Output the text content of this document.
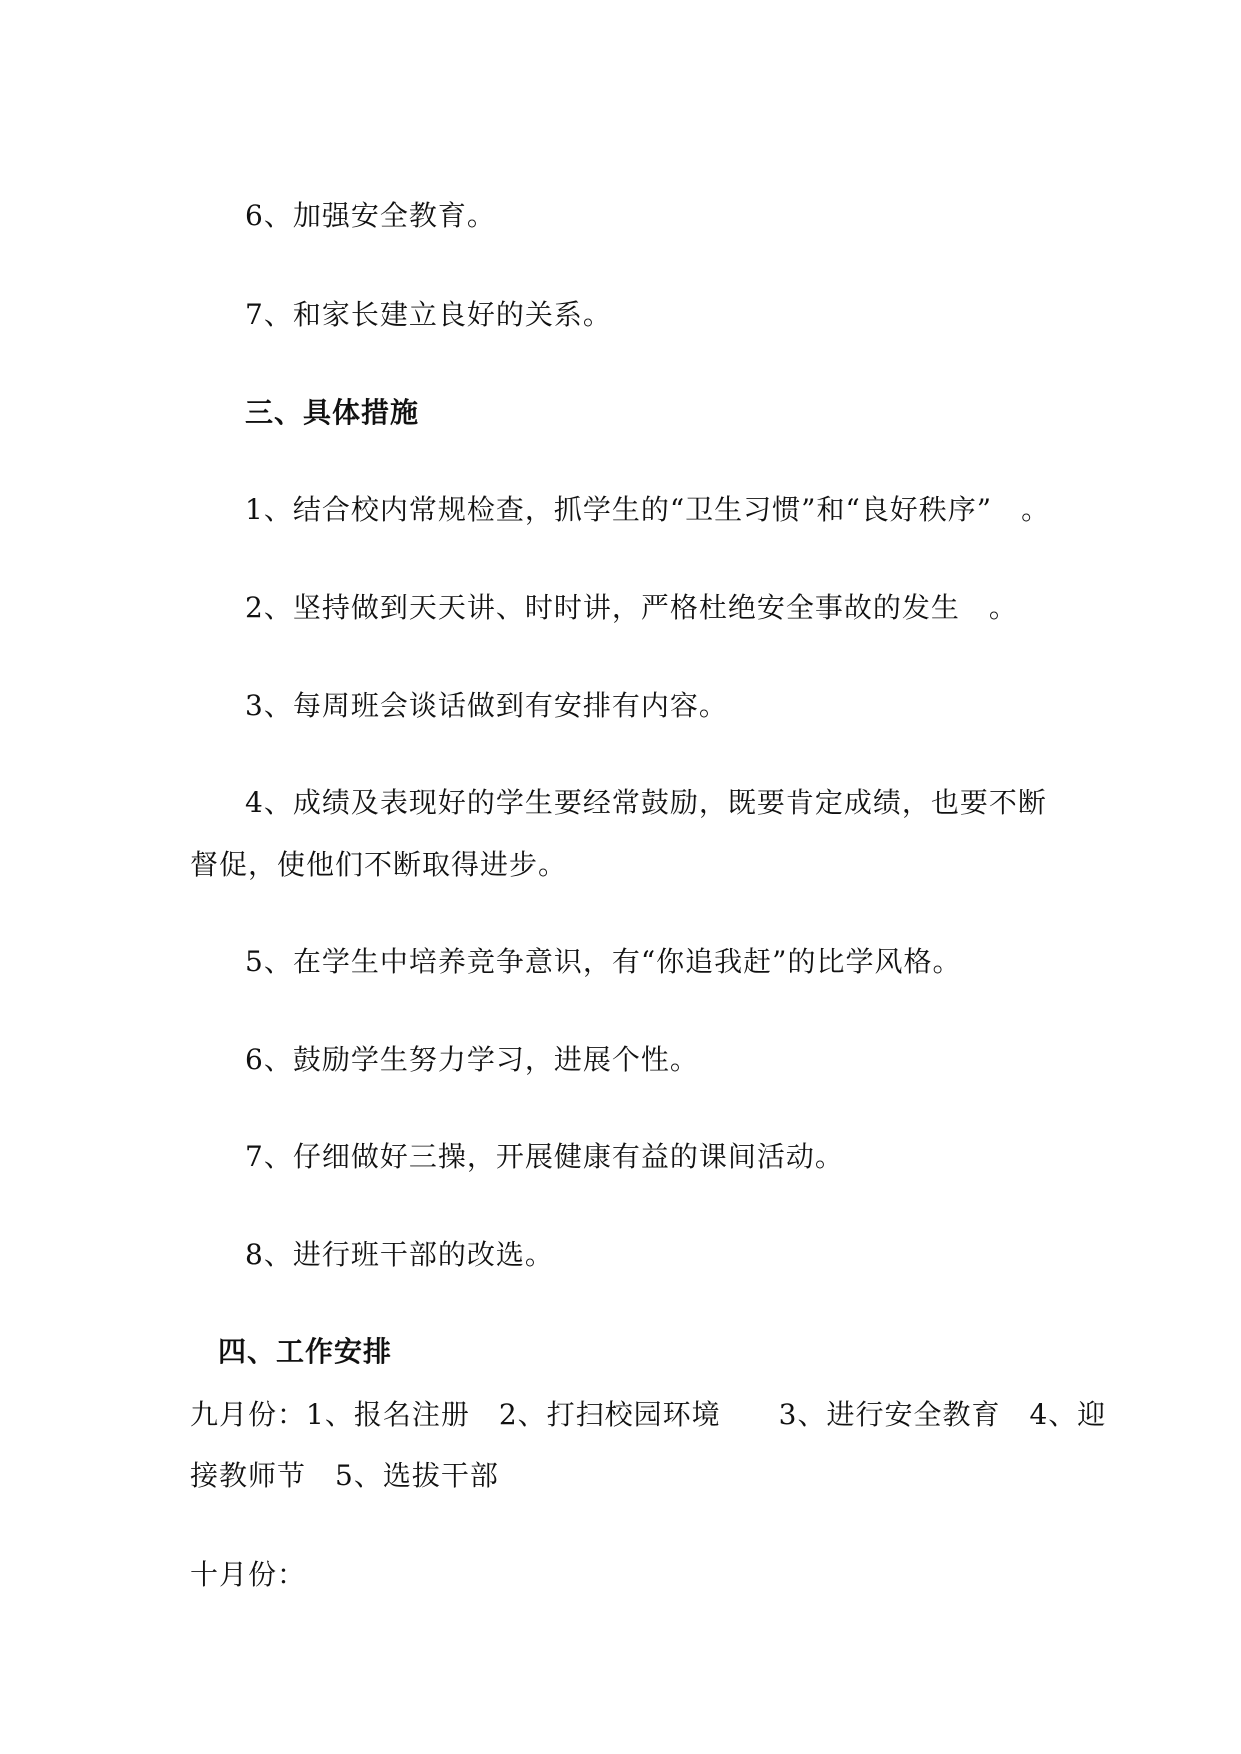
6、加强安全教育。
7、和家长建立良好的关系。
三、具体措施
1、结合校内常规检查，抓学生的“卫生习惯”和“良好秩序”　。
2、坚持做到天天讲、时时讲，严格杜绝安全事故的发生　。
3、每周班会谈话做到有安排有内容。
4、成绩及表现好的学生要经常鼓励，既要肯定成绩，也要不断
督促，使他们不断取得进步。
5、在学生中培养竞争意识，有“你追我赶”的比学风格。
6、鼓励学生努力学习，进展个性。
7、仔细做好三操，开展健康有益的课间活动。
8、进行班干部的改选。
四、工作安排
九月份：1、报名注册　2、打扫校园环境　　3、进行安全教育　4、迎
接教师节　5、选拔干部
十月份：
